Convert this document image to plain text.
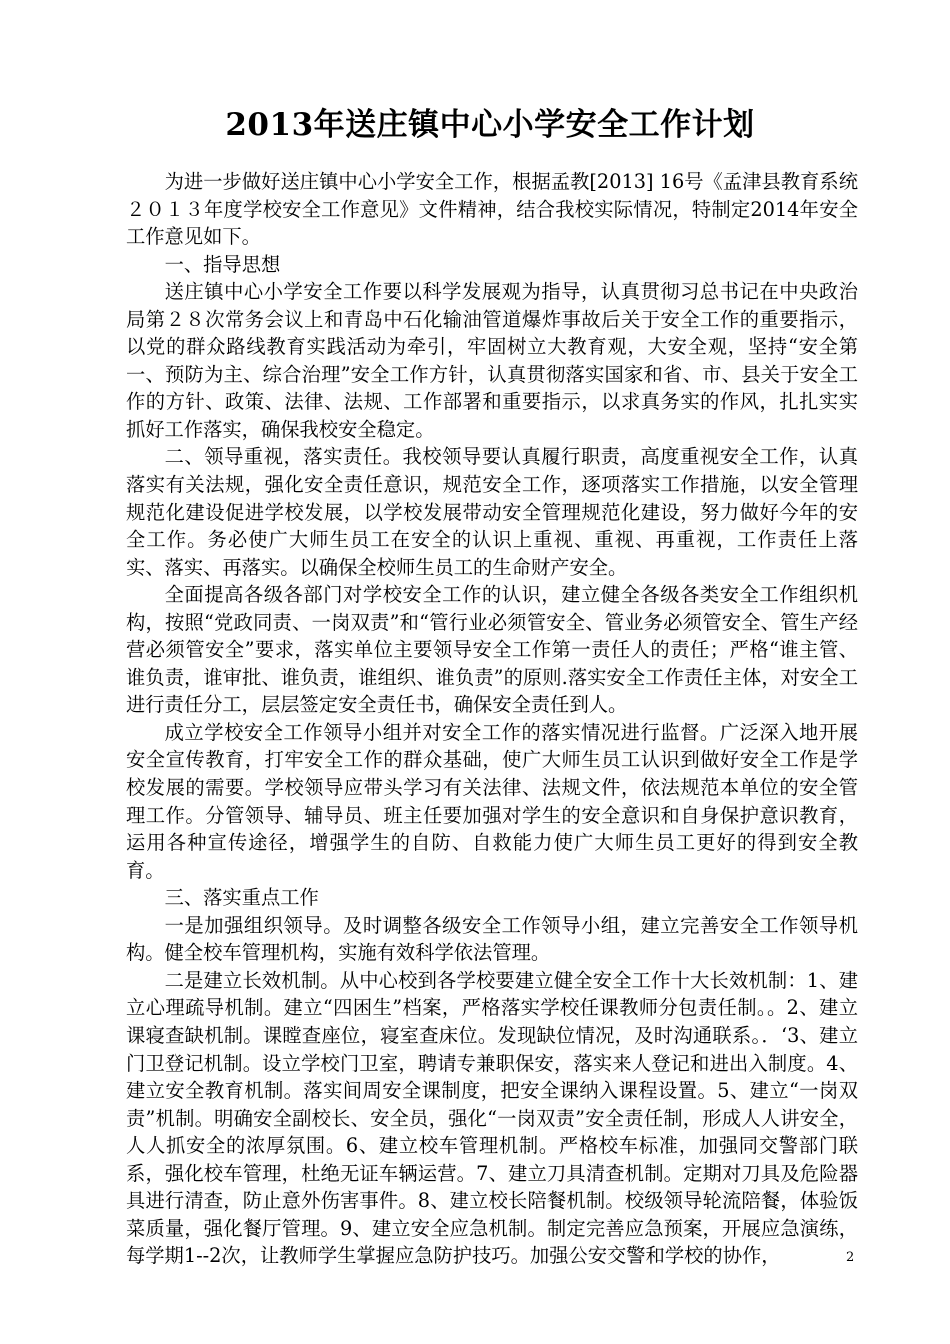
2013年送庄镇中心小学安全工作计划

为进一步做好送庄镇中心小学安全工作，根据孟教[2013] 16号《孟津县教育系统２０１３年度学校安全工作意见》文件精神，结合我校实际情况，特制定2014年安全工作意见如下。

一、指导思想

送庄镇中心小学安全工作要以科学发展观为指导，认真贯彻习总书记在中央政治局第２８次常务会议上和青岛中石化输油管道爆炸事故后关于安全工作的重要指示，以党的群众路线教育实践活动为牵引，牢固树立大教育观，大安全观，坚持“安全第一、预防为主、综合治理”安全工作方针，认真贯彻落实国家和省、市、县关于安全工作的方针、政策、法律、法规、工作部署和重要指示，以求真务实的作风，扎扎实实抓好工作落实，确保我校安全稳定。

二、领导重视，落实责任。我校领导要认真履行职责，高度重视安全工作，认真落实有关法规，强化安全责任意识，规范安全工作，逐项落实工作措施，以安全管理规范化建设促进学校发展，以学校发展带动安全管理规范化建设，努力做好今年的安全工作。务必使广大师生员工在安全的认识上重视、重视、再重视，工作责任上落实、落实、再落实。以确保全校师生员工的生命财产安全。

全面提高各级各部门对学校安全工作的认识，建立健全各级各类安全工作组织机构，按照“党政同责、一岗双责”和“管行业必须管安全、管业务必须管安全、管生产经营必须管安全”要求，落实单位主要领导安全工作第一责任人的责任；严格“谁主管、谁负责，谁审批、谁负责，谁组织、谁负责”的原则.落实安全工作责任主体，对安全工进行责任分工，层层签定安全责任书，确保安全责任到人。

成立学校安全工作领导小组并对安全工作的落实情况进行监督。广泛深入地开展安全宣传教育，打牢安全工作的群众基础，使广大师生员工认识到做好安全工作是学校发展的需要。学校领导应带头学习有关法律、法规文件，依法规范本单位的安全管理工作。分管领导、辅导员、班主任要加强对学生的安全意识和自身保护意识教育，运用各种宣传途径，增强学生的自防、自救能力使广大师生员工更好的得到安全教育。

三、落实重点工作

一是加强组织领导。及时调整各级安全工作领导小组，建立完善安全工作领导机构。健全校车管理机构，实施有效科学依法管理。

二是建立长效机制。从中心校到各学校要建立健全安全工作十大长效机制：1、建立心理疏导机制。建立“四困生”档案，严格落实学校任课教师分包责任制。。2、建立课寝查缺机制。课瞠查座位，寝室查床位。发现缺位情况，及时沟通联系。．‘3、建立门卫登记机制。设立学校门卫室，聘请专兼职保安，落实来人登记和进出入制度。4、建立安全教育机制。落实间周安全课制度，把安全课纳入课程设置。5、建立“一岗双责”机制。明确安全副校长、安全员，强化“一岗双责”安全责任制，形成人人讲安全，人人抓安全的浓厚氛围。6、建立校车管理机制。严格校车标准，加强同交警部门联系，强化校车管理，杜绝无证车辆运营。7、建立刀具清查机制。定期对刀具及危险器具进行清查，防止意外伤害事件。8、建立校长陪餐机制。校级领导轮流陪餐，体验饭菜质量，强化餐厅管理。9、建立安全应急机制。制定完善应急预案，开展应急演练，每学期1--2次，让教师学生掌握应急防护技巧。加强公安交警和学校的协作，	2
